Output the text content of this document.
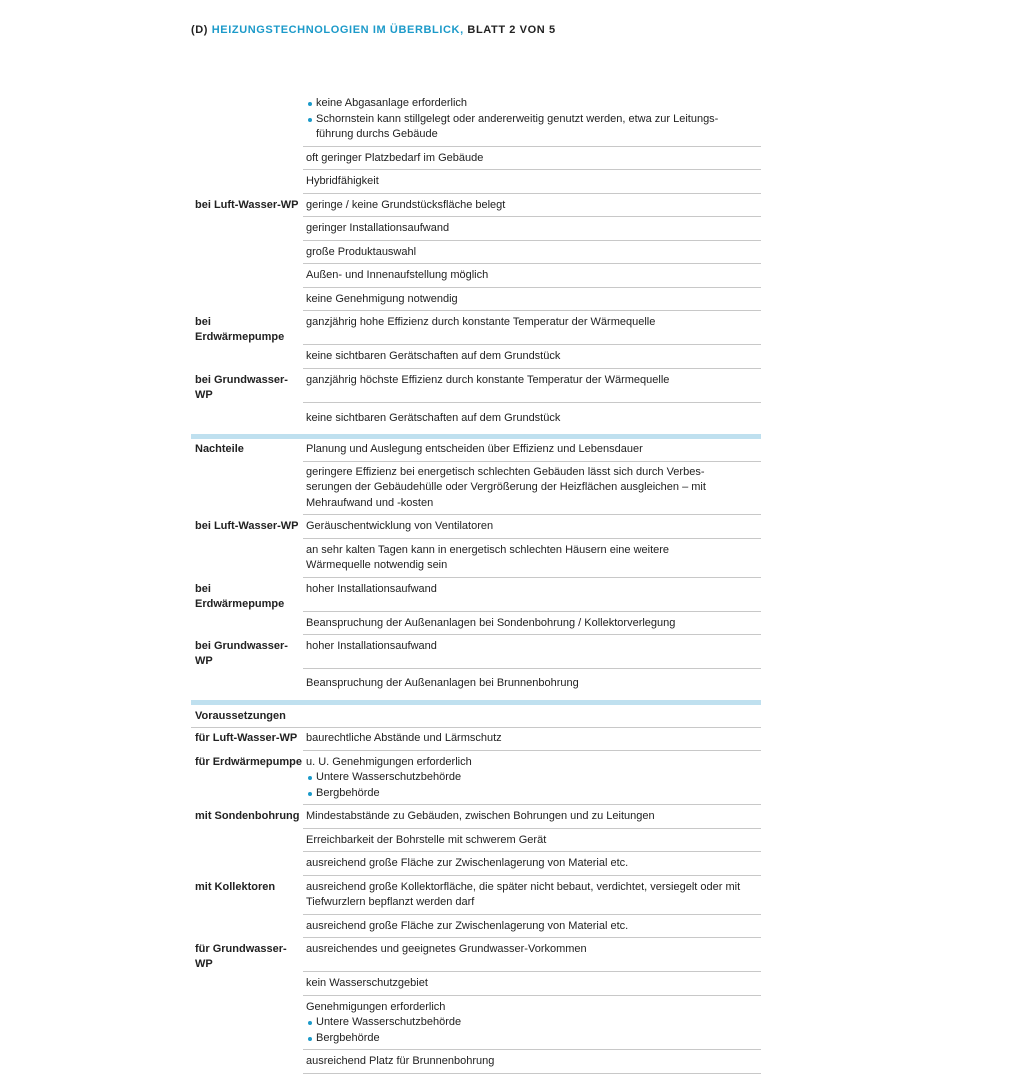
(D) HEIZUNGSTECHNOLOGIEN IM ÜBERBLICK, BLATT 2 VON 5
keine Abgasanlage erforderlich
Schornstein kann stillgelegt oder andererweitig genutzt werden, etwa zur Leitungs-führung durchs Gebäude
oft geringer Platzbedarf im Gebäude
Hybridfähigkeit
bei Luft-Wasser-WP geringe / keine Grundstücksfläche belegt
geringer Installationsaufwand
große Produktauswahl
Außen- und Innenaufstellung möglich
keine Genehmigung notwendig
bei Erdwärmepumpe
ganzjährig hohe Effizienz durch konstante Temperatur der Wärmequelle
keine sichtbaren Gerätschaften auf dem Grundstück
bei Grundwasser-WP
ganzjährig höchste Effizienz durch konstante Temperatur der Wärmequelle
keine sichtbaren Gerätschaften auf dem Grundstück
Nachteile	Planung und Auslegung entscheiden über Effizienz und Lebensdauer
geringere Effizienz bei energetisch schlechten Gebäuden lässt sich durch Verbes-serungen der Gebäudehülle oder Vergrößerung der Heizflächen ausgleichen – mit Mehraufwand und -kosten
bei Luft-Wasser-WP Geräuschentwicklung von Ventilatoren
an sehr kalten Tagen kann in energetisch schlechten Häusern eine weitere Wärmequelle notwendig sein
bei Erdwärmepumpe
hoher Installationsaufwand
Beanspruchung der Außenanlagen bei Sondenbohrung / Kollektorverlegung
bei Grundwasser-WP
hoher Installationsaufwand
Beanspruchung der Außenanlagen bei Brunnenbohrung
Voraussetzungen

für Luft-Wasser-WP baurechtliche Abstände und Lärmschutz
für Erdwärmepumpe u. U. Genehmigungen erforderlich
Untere Wasserschutzbehörde
Bergbehörde
mit Sondenbohrung Mindestabstände zu Gebäuden, zwischen Bohrungen und zu Leitungen
Erreichbarkeit der Bohrstelle mit schwerem Gerät
ausreichend große Fläche zur Zwischenlagerung von Material etc.
mit Kollektoren	ausreichend große Kollektorfläche, die später nicht bebaut, verdichtet, versiegelt oder mit Tiefwurzlern bepflanzt werden darf
ausreichend große Fläche zur Zwischenlagerung von Material etc.
für Grundwasser-WP
ausreichendes und geeignetes Grundwasser-Vorkommen
kein Wasserschutzgebiet
Genehmigungen erforderlich
Untere Wasserschutzbehörde
Bergbehörde
ausreichend Platz für Brunnenbohrung
